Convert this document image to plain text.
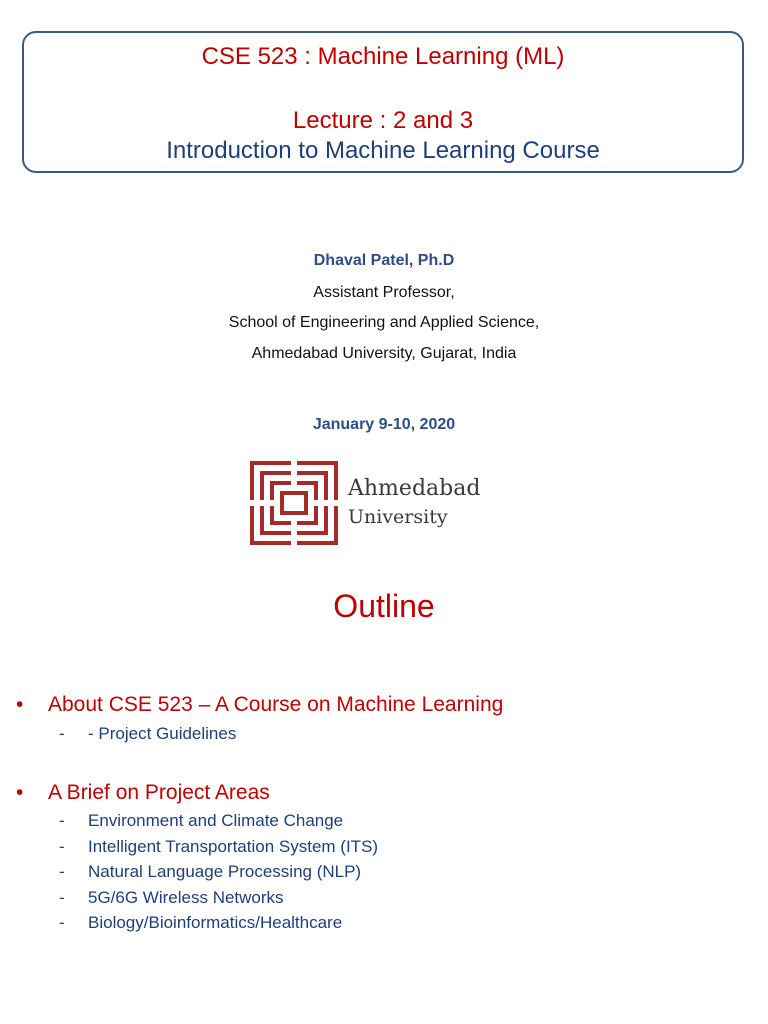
CSE 523 : Machine Learning (ML)
Lecture : 2 and 3
Introduction to Machine Learning Course
Dhaval Patel, Ph.D
Assistant Professor,
School of Engineering and Applied Science,
Ahmedabad University, Gujarat, India
January 9-10, 2020
Ahmedabad
University
Outline
• About CSE 523 – A Course on Machine Learning
- - Project Guidelines
• A Brief on Project Areas
- Environment and Climate Change
- Intelligent Transportation System (ITS)
- Natural Language Processing (NLP)
- 5G/6G Wireless Networks
- Biology/Bioinformatics/Healthcare
